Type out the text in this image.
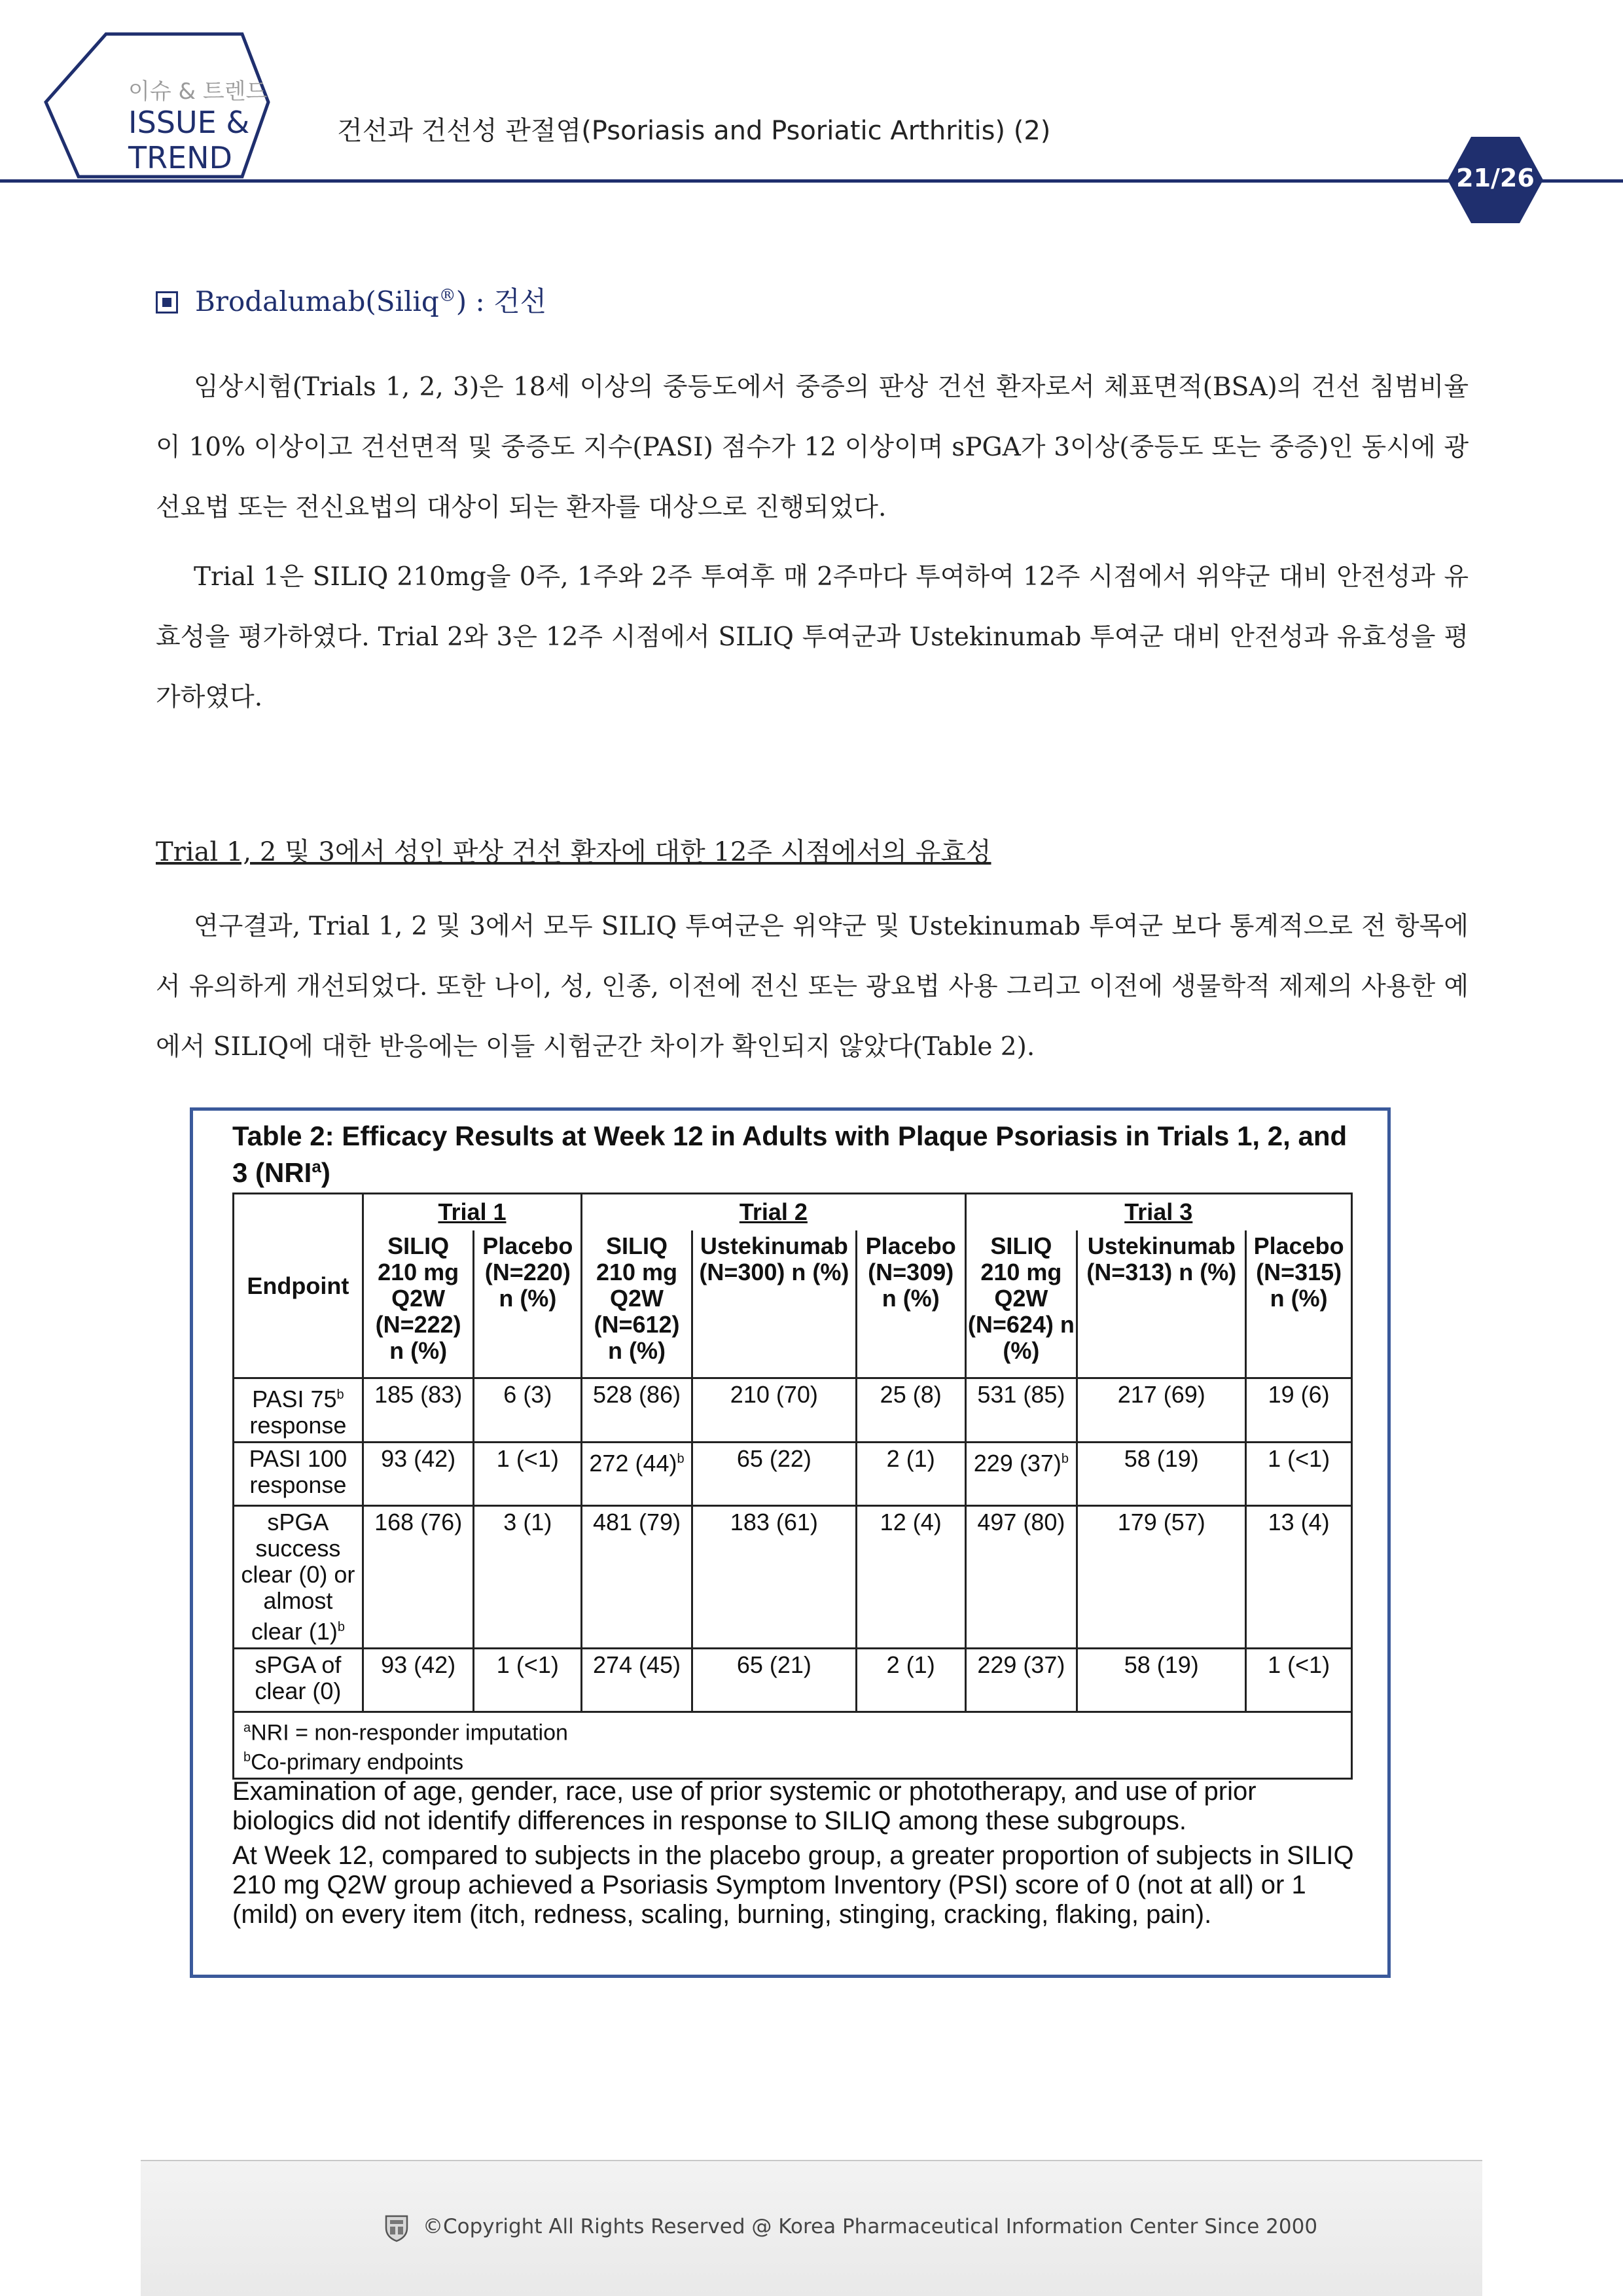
이슈 & 트렌드
ISSUE &
TREND
건선과 건선성 관절염(Psoriasis and Psoriatic Arthritis) (2)
21/26
Brodalumab(Siliq®) : 건선
임상시험(Trials 1, 2, 3)은 18세 이상의 중등도에서 중증의 판상 건선 환자로서 체표면적(BSA)의 건선 침범비율이 10% 이상이고 건선면적 및 중증도 지수(PASI) 점수가 12 이상이며 sPGA가 3이상(중등도 또는 중증)인 동시에 광선요법 또는 전신요법의 대상이 되는 환자를 대상으로 진행되었다.
Trial 1은 SILIQ 210mg을 0주, 1주와 2주 투여후 매 2주마다 투여하여 12주 시점에서 위약군 대비 안전성과 유효성을 평가하였다. Trial 2와 3은 12주 시점에서 SILIQ 투여군과 Ustekinumab 투여군 대비 안전성과 유효성을 평가하였다.
Trial 1, 2 및 3에서 성인 판상 건선 환자에 대한 12주 시점에서의 유효성
연구결과, Trial 1, 2 및 3에서 모두 SILIQ 투여군은 위약군 및 Ustekinumab 투여군 보다 통계적으로 전 항목에서 유의하게 개선되었다. 또한 나이, 성, 인종, 이전에 전신 또는 광요법 사용 그리고 이전에 생물학적 제제의 사용한 예에서 SILIQ에 대한 반응에는 이들 시험군간 차이가 확인되지 않았다(Table 2).
Table 2: Efficacy Results at Week 12 in Adults with Plaque Psoriasis in Trials 1, 2, and 3 (NRI$^a$)
Endpoint	Trial 1		Trial 2			Trial 3		
	SILIQ 210 mg Q2W (N=222) n (%)	Placebo (N=220) n (%)	SILIQ 210 mg Q2W (N=612) n (%)	Ustekinumab (N=300) n (%)	Placebo (N=309) n (%)	SILIQ 210 mg Q2W (N=624) n (%)	Ustekinumab (N=313) n (%)	Placebo (N=315) n (%)
PASI 75$^b$ response	185 (83)	6 (3)	528 (86)	210 (70)	25 (8)	531 (85)	217 (69)	19 (6)
PASI 100 response	93 (42)	1 (<1)	272 $(44)^b$	65 (22)	2 (1)	229 $(37)^b$	58 (19)	1 (<1)
sPGA success clear (0) or almost clear $(1)^b$	168 (76)	3 (1)	481 (79)	183 (61)	12 (4)	497 (80)	179 (57)	13 (4)
sPGA of clear (0)	93 (42)	1 (<1)	274 (45)	65 (21)	2 (1)	229 (37)	58 (19)	1 (<1)

$^a$NRI = non-responder imputation
$^b$Co-primary endpoints								

Examination of age, gender, race, use of prior systemic or phototherapy, and use of prior biologics did not identify differences in response to SILIQ among these subgroups.

At Week 12, compared to subjects in the placebo group, a greater proportion of subjects in SILIQ 210 mg Q2W group achieved a Psoriasis Symptom Inventory (PSI) score of 0 (not at all) or 1 (mild) on every item (itch, redness, scaling, burning, stinging, cracking, flaking, pain).

©Copyright All Rights Reserved @ Korea Pharmaceutical Information Center Since 2000
